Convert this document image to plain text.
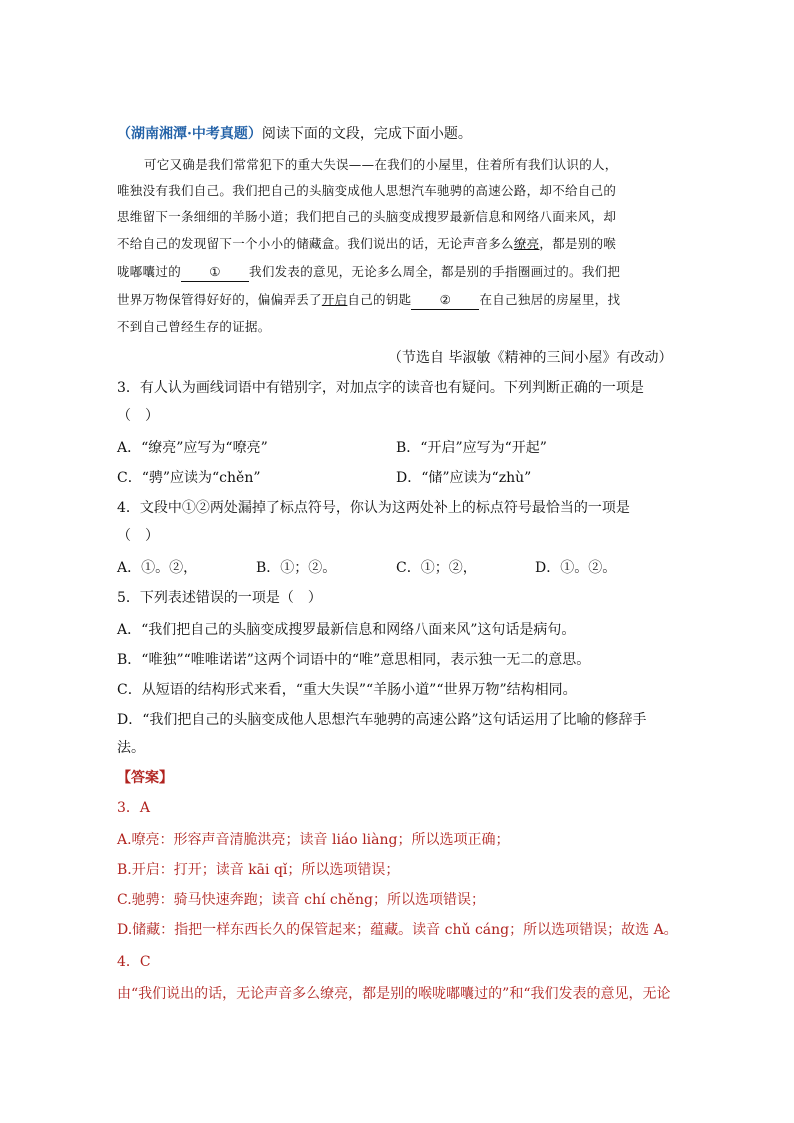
（湖南湘潭·中考真题）阅读下面的文段，完成下面小题。
可它又确是我们常常犯下的重大失误——在我们的小屋里，住着所有我们认识的人，
唯独没有我们自己。我们把自己的头脑变成他人思想汽车驰骋的高速公路，却不给自己的
思维留下一条细细的羊肠小道；我们把自己的头脑变成搜罗最新信息和网络八面来风，却
不给自己的发现留下一个小小的储藏盒。我们说出的话，无论声音多么缭亮，都是别的喉
咙嘟囔过的 ① 我们发表的意见，无论多么周全，都是别的手指圈画过的。我们把
世界万物保管得好好的，偏偏弄丢了开启自己的钥匙 ② 在自己独居的房屋里，找
不到自己曾经生存的证据。
（节选自 毕淑敏《精神的三间小屋》有改动）
3．有人认为画线词语中有错别字，对加点字的读音也有疑问。下列判断正确的一项是
（　）
A．“缭亮”应写为“嘹亮”	B．“开启”应写为“开起”
C．“骋”应读为“chěn”	D．“储”应读为“zhù”
4．文段中①②两处漏掉了标点符号，你认为这两处补上的标点符号最恰当的一项是
（　）
A．①。②，	B．①；②。	C．①；②，	D．①。②。
5．下列表述错误的一项是（　）
A．“我们把自己的头脑变成搜罗最新信息和网络八面来风”这句话是病句。
B．“唯独”“唯唯诺诺”这两个词语中的“唯”意思相同，表示独一无二的意思。
C．从短语的结构形式来看，“重大失误”“羊肠小道”“世界万物”结构相同。
D．“我们把自己的头脑变成他人思想汽车驰骋的高速公路”这句话运用了比喻的修辞手
法。
【答案】
3．A
A.嘹亮：形容声音清脆洪亮；读音 liáo liàng；所以选项正确；
B.开启：打开；读音 kāi qǐ；所以选项错误；
C.驰骋：骑马快速奔跑；读音 chí chěng；所以选项错误；
D.储藏：指把一样东西长久的保管起来；蕴藏。读音 chǔ cáng；所以选项错误；故选 A。
4．C
由“我们说出的话，无论声音多么缭亮，都是别的喉咙嘟囔过的”和“我们发表的意见，无论
